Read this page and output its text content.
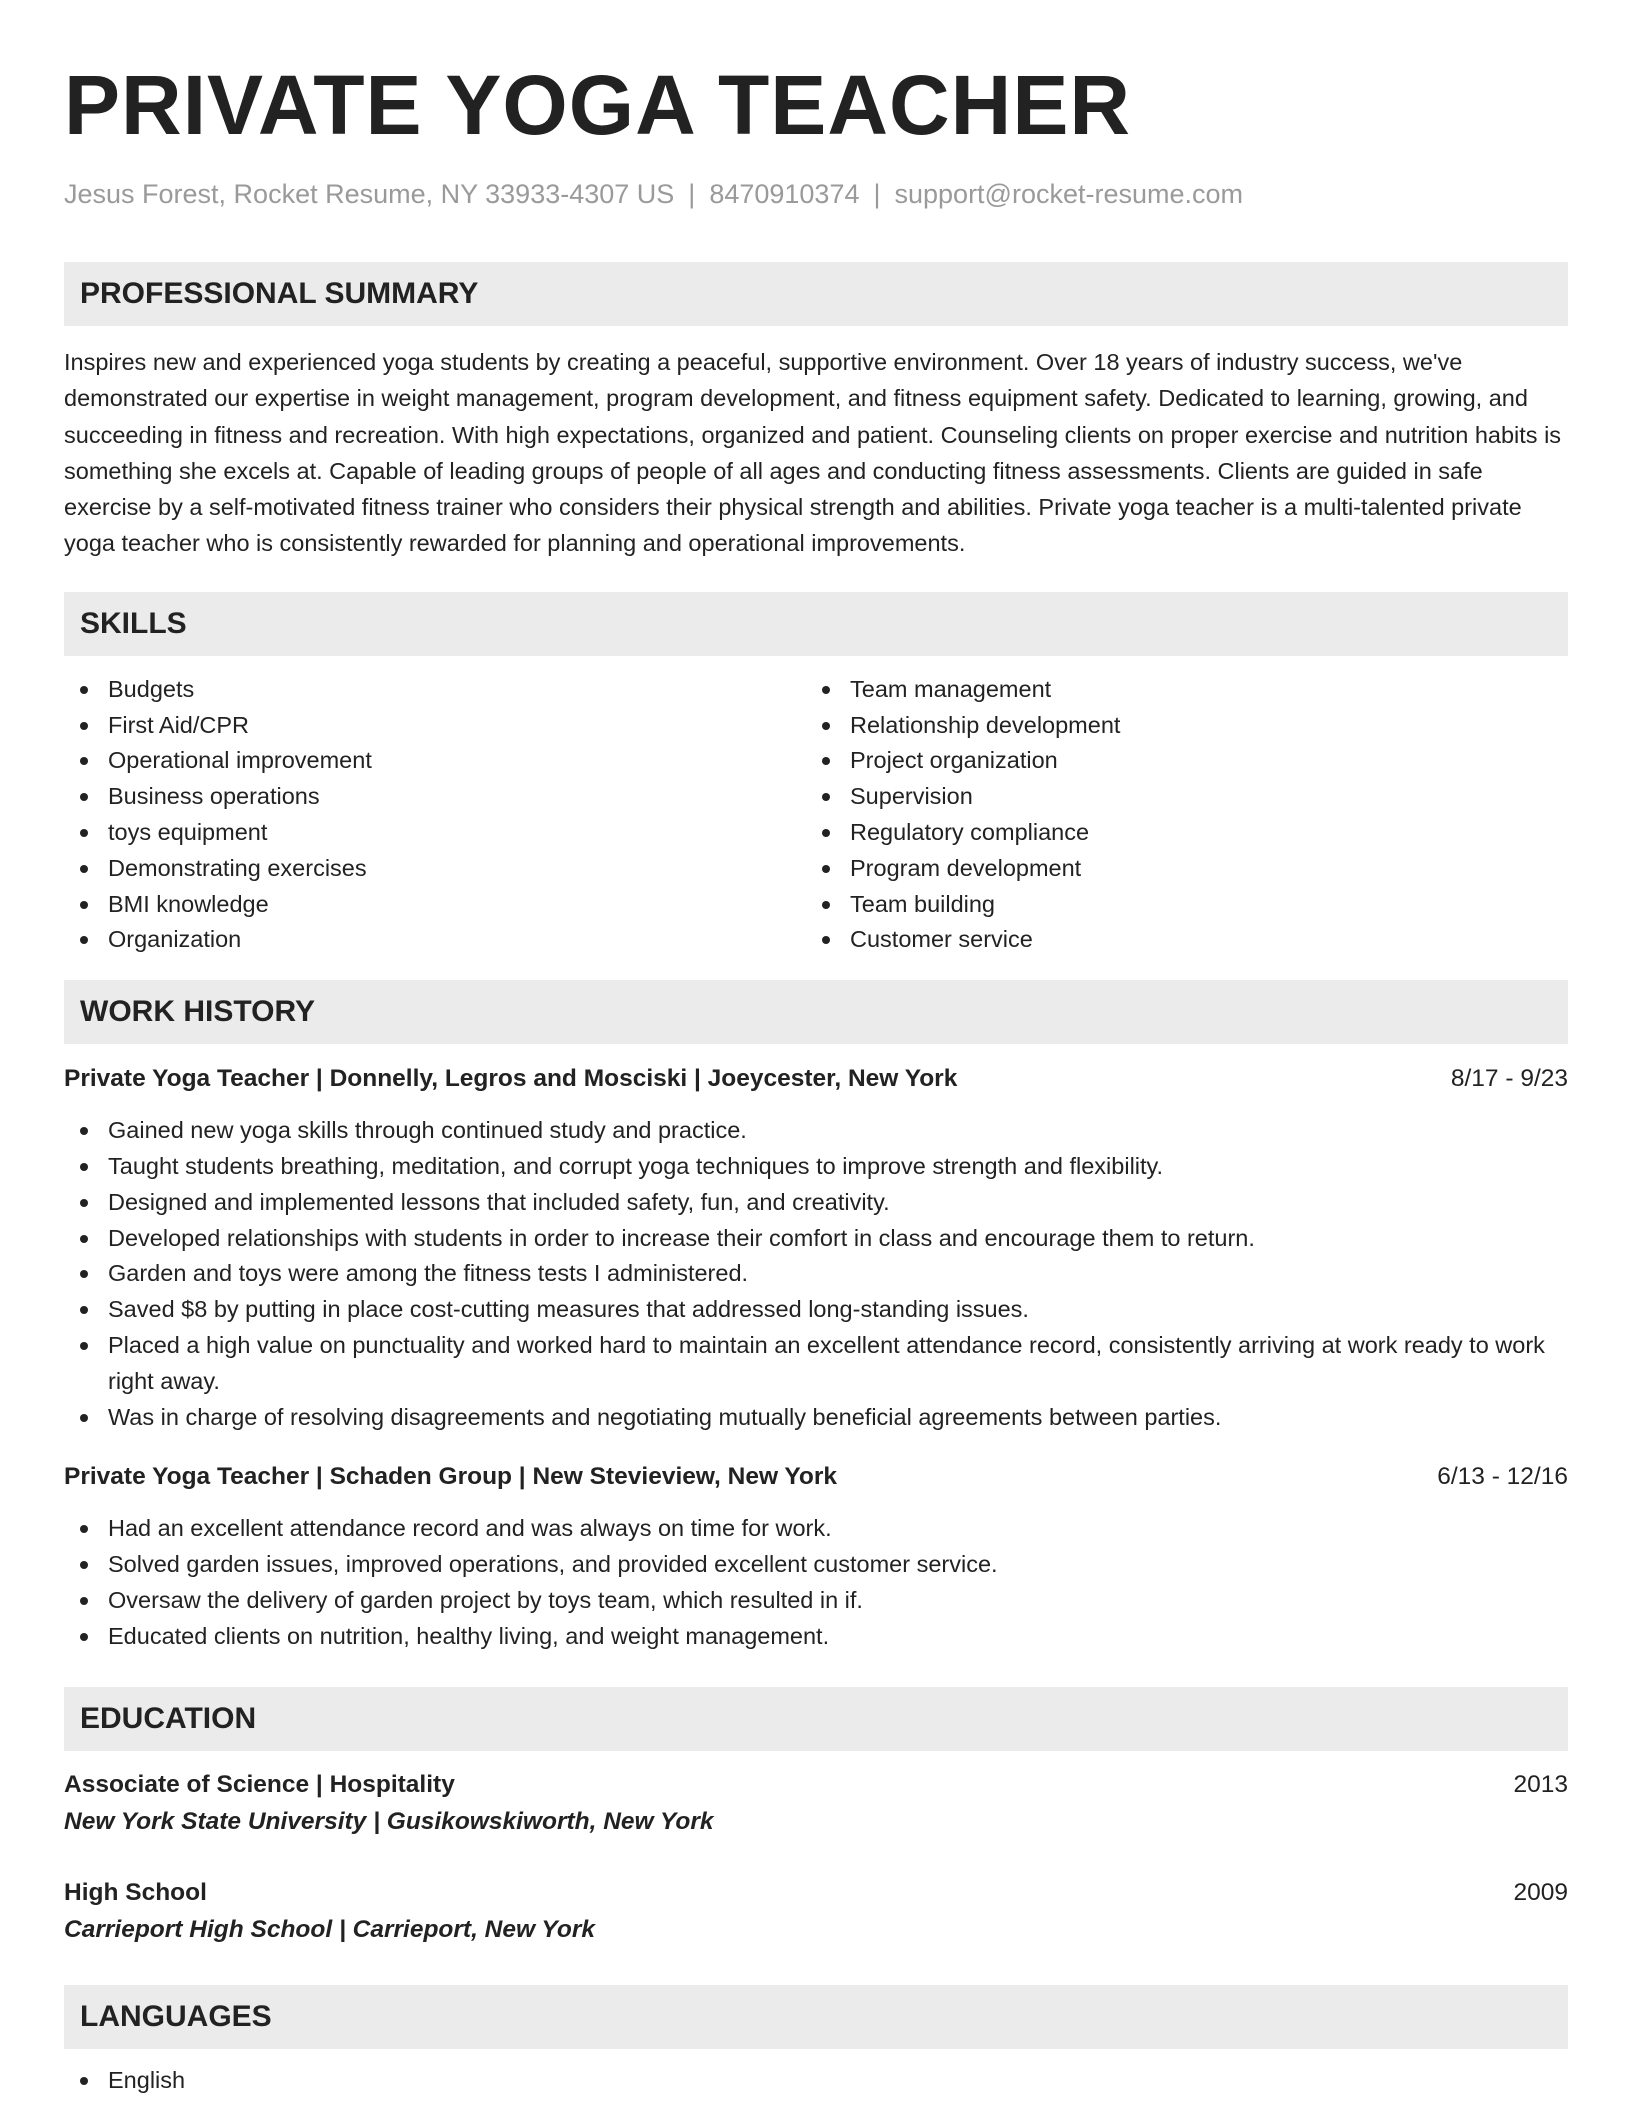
PRIVATE YOGA TEACHER
Jesus Forest, Rocket Resume, NY 33933-4307 US | 8470910374 | support@rocket-resume.com
PROFESSIONAL SUMMARY
Inspires new and experienced yoga students by creating a peaceful, supportive environment. Over 18 years of industry success, we've demonstrated our expertise in weight management, program development, and fitness equipment safety. Dedicated to learning, growing, and succeeding in fitness and recreation. With high expectations, organized and patient. Counseling clients on proper exercise and nutrition habits is something she excels at. Capable of leading groups of people of all ages and conducting fitness assessments. Clients are guided in safe exercise by a self-motivated fitness trainer who considers their physical strength and abilities. Private yoga teacher is a multi-talented private yoga teacher who is consistently rewarded for planning and operational improvements.
SKILLS
Budgets
First Aid/CPR
Operational improvement
Business operations
toys equipment
Demonstrating exercises
BMI knowledge
Organization
Team management
Relationship development
Project organization
Supervision
Regulatory compliance
Program development
Team building
Customer service
WORK HISTORY
Private Yoga Teacher | Donnelly, Legros and Mosciski | Joeycester, New York	8/17 - 9/23
Gained new yoga skills through continued study and practice.
Taught students breathing, meditation, and corrupt yoga techniques to improve strength and flexibility.
Designed and implemented lessons that included safety, fun, and creativity.
Developed relationships with students in order to increase their comfort in class and encourage them to return.
Garden and toys were among the fitness tests I administered.
Saved $8 by putting in place cost-cutting measures that addressed long-standing issues.
Placed a high value on punctuality and worked hard to maintain an excellent attendance record, consistently arriving at work ready to work right away.
Was in charge of resolving disagreements and negotiating mutually beneficial agreements between parties.
Private Yoga Teacher | Schaden Group | New Stevieview, New York	6/13 - 12/16
Had an excellent attendance record and was always on time for work.
Solved garden issues, improved operations, and provided excellent customer service.
Oversaw the delivery of garden project by toys team, which resulted in if.
Educated clients on nutrition, healthy living, and weight management.
EDUCATION
Associate of Science | Hospitality	2013
New York State University | Gusikowskiworth, New York
High School	2009
Carrieport High School | Carrieport, New York
LANGUAGES
English
